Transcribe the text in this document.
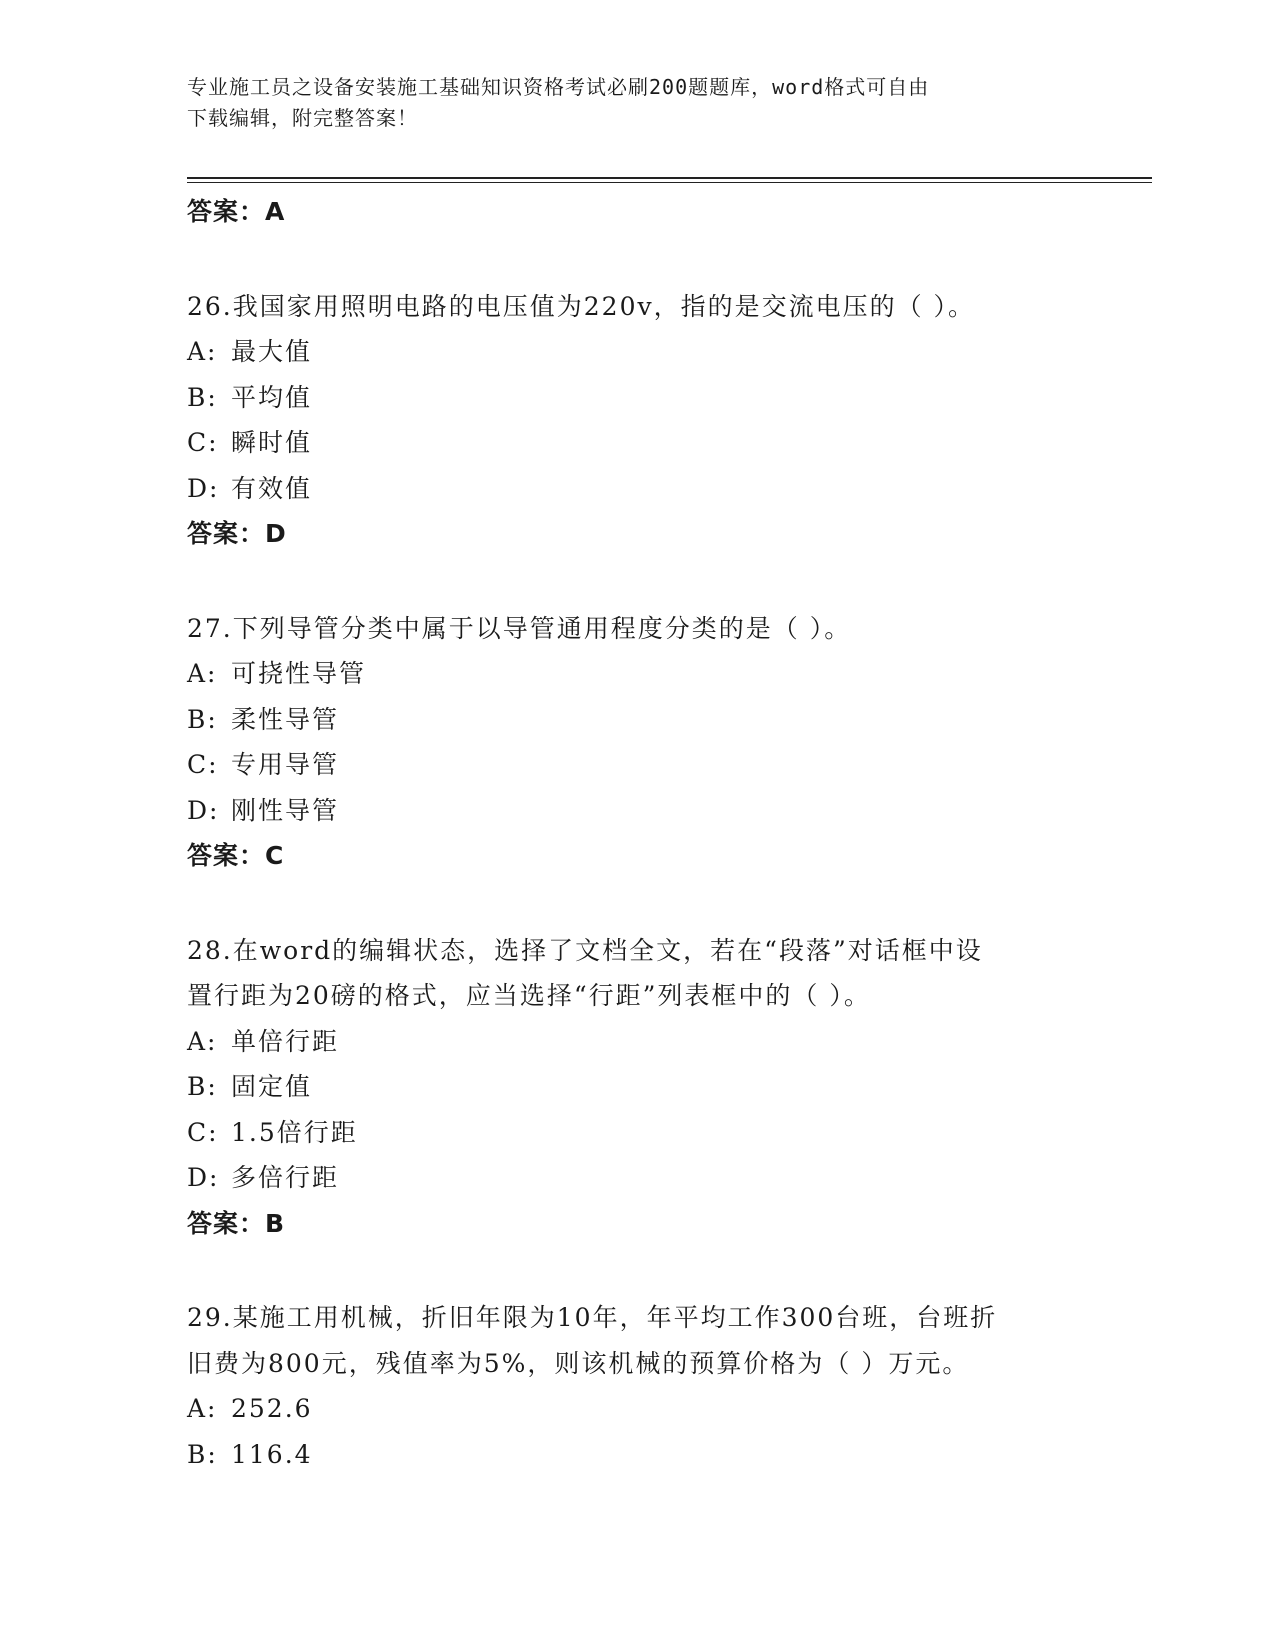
专业施工员之设备安装施工基础知识资格考试必刷200题题库，word格式可自由
下载编辑，附完整答案！
答案：A
26.我国家用照明电路的电压值为220v，指的是交流电压的（ ）。
A: 最大值
B: 平均值
C: 瞬时值
D: 有效值
答案：D
27.下列导管分类中属于以导管通用程度分类的是（ ）。
A: 可挠性导管
B: 柔性导管
C: 专用导管
D: 刚性导管
答案：C
28.在word的编辑状态，选择了文档全文，若在“段落”对话框中设
置行距为20磅的格式，应当选择“行距”列表框中的（ ）。
A: 单倍行距
B: 固定值
C: 1.5倍行距
D: 多倍行距
答案：B
29.某施工用机械，折旧年限为10年，年平均工作300台班，台班折
旧费为800元，残值率为5%，则该机械的预算价格为（ ）万元。
A: 252.6
B: 116.4
